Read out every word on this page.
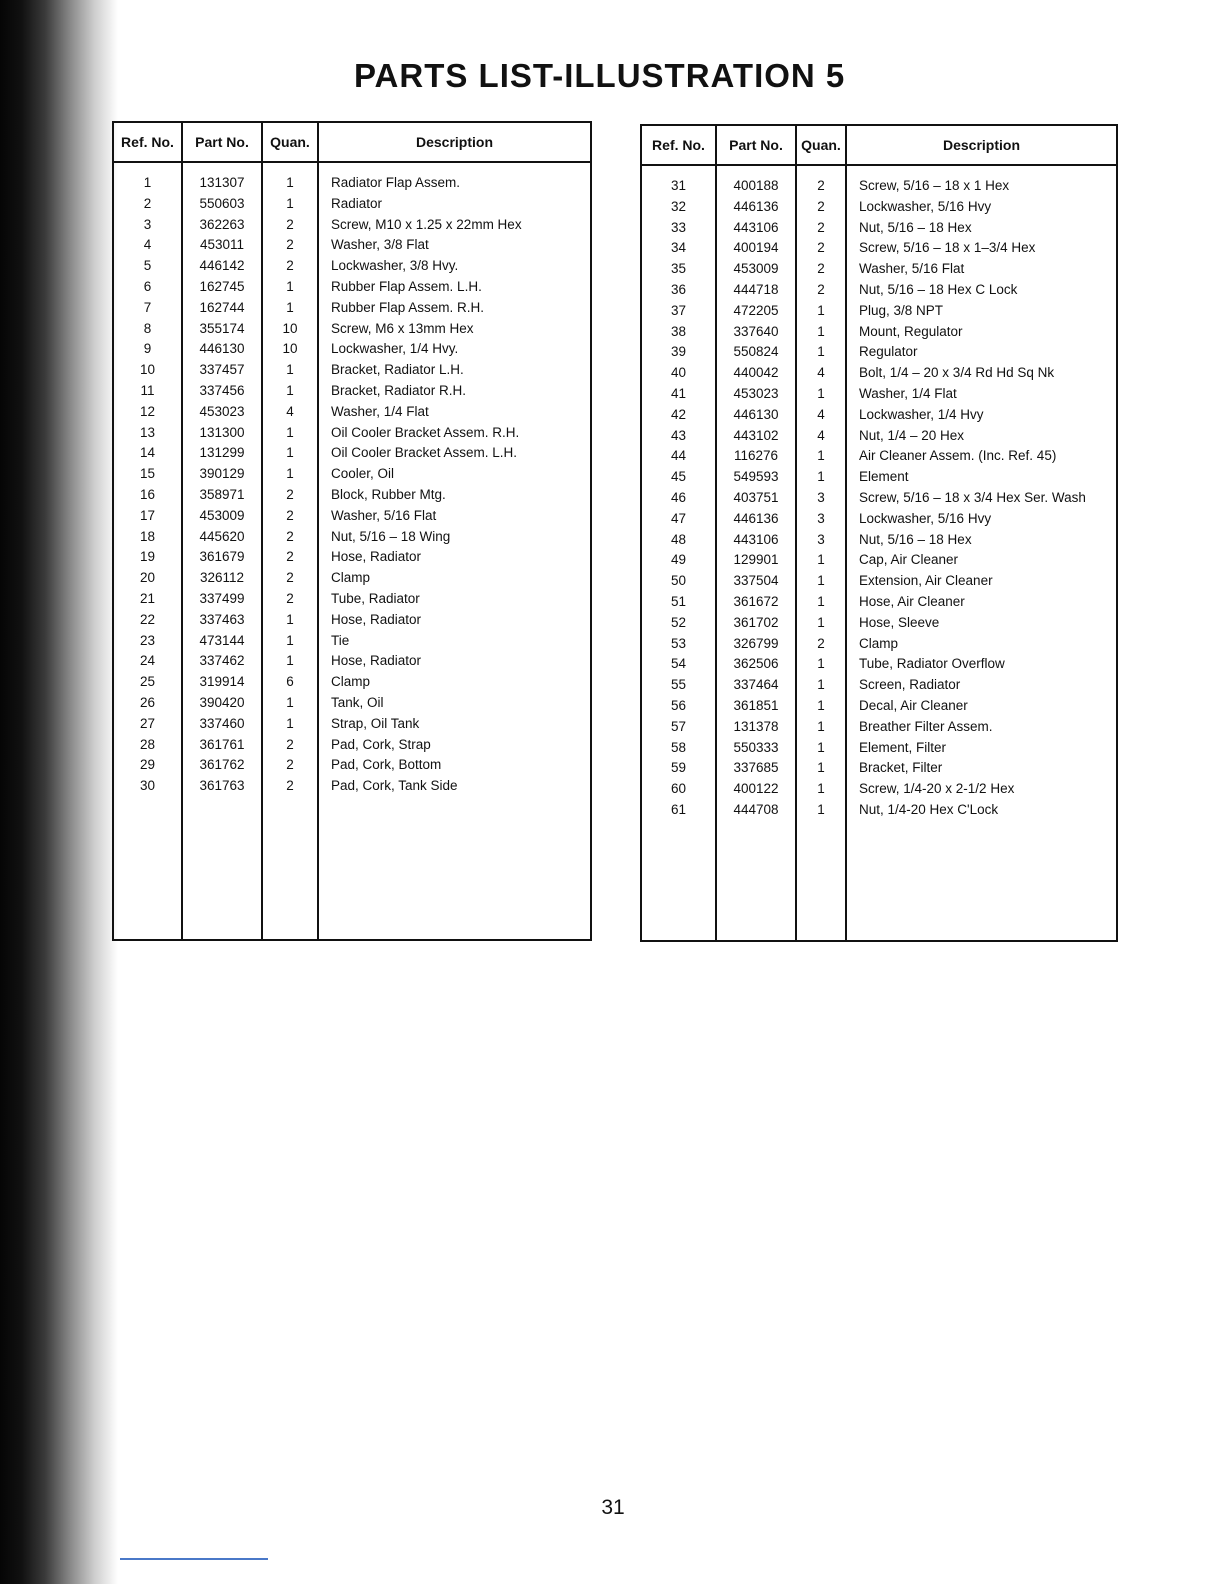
PARTS LIST-ILLUSTRATION 5
Ref. No.	Part No.	Quan.	Description

1	131307	1	Radiator Flap Assem.
2	550603	1	Radiator
3	362263	2	Screw, M10 x 1.25 x 22mm Hex
4	453011	2	Washer, 3/8 Flat
5	446142	2	Lockwasher, 3/8 Hvy.
6	162745	1	Rubber Flap Assem. L.H.
7	162744	1	Rubber Flap Assem. R.H.
8	355174	10	Screw, M6 x 13mm Hex
9	446130	10	Lockwasher, 1/4 Hvy.
10	337457	1	Bracket, Radiator L.H.
11	337456	1	Bracket, Radiator R.H.
12	453023	4	Washer, 1/4 Flat
13	131300	1	Oil Cooler Bracket Assem. R.H.
14	131299	1	Oil Cooler Bracket Assem. L.H.
15	390129	1	Cooler, Oil
16	358971	2	Block, Rubber Mtg.
17	453009	2	Washer, 5/16 Flat
18	445620	2	Nut, 5/16 – 18 Wing
19	361679	2	Hose, Radiator
20	326112	2	Clamp
21	337499	2	Tube, Radiator
22	337463	1	Hose, Radiator
23	473144	1	Tie
24	337462	1	Hose, Radiator
25	319914	6	Clamp
26	390420	1	Tank, Oil
27	337460	1	Strap, Oil Tank
28	361761	2	Pad, Cork, Strap
29	361762	2	Pad, Cork, Bottom
30	361763	2	Pad, Cork, Tank Side

Ref. No.	Part No.	Quan.	Description

31	400188	2	Screw, 5/16 – 18 x 1 Hex
32	446136	2	Lockwasher, 5/16 Hvy
33	443106	2	Nut, 5/16 – 18 Hex
34	400194	2	Screw, 5/16 – 18 x 1–3/4 Hex
35	453009	2	Washer, 5/16 Flat
36	444718	2	Nut, 5/16 – 18 Hex C Lock
37	472205	1	Plug, 3/8 NPT
38	337640	1	Mount, Regulator
39	550824	1	Regulator
40	440042	4	Bolt, 1/4 – 20 x 3/4 Rd Hd Sq Nk
41	453023	1	Washer, 1/4 Flat
42	446130	4	Lockwasher, 1/4 Hvy
43	443102	4	Nut, 1/4 – 20 Hex
44	116276	1	Air Cleaner Assem. (Inc. Ref. 45)
45	549593	1	Element
46	403751	3	Screw, 5/16 – 18 x 3/4 Hex Ser. Wash
47	446136	3	Lockwasher, 5/16 Hvy
48	443106	3	Nut, 5/16 – 18 Hex
49	129901	1	Cap, Air Cleaner
50	337504	1	Extension, Air Cleaner
51	361672	1	Hose, Air Cleaner
52	361702	1	Hose, Sleeve
53	326799	2	Clamp
54	362506	1	Tube, Radiator Overflow
55	337464	1	Screen, Radiator
56	361851	1	Decal, Air Cleaner
57	131378	1	Breather Filter Assem.
58	550333	1	Element, Filter
59	337685	1	Bracket, Filter
60	400122	1	Screw, 1/4-20 x 2-1/2 Hex
61	444708	1	Nut, 1/4-20 Hex C'Lock

31
